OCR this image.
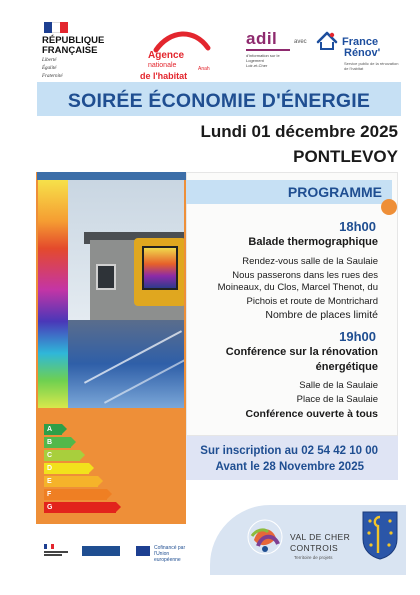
RÉPUBLIQUE
FRANÇAISE
Liberté
Égalité
Fraternité
Agence
nationale
de l'habitat
Anah
adil
d'information sur le
Logement
Loir-et-Cher
avec	France
Rénov'
Service public de la rénovation de l'habitat
SOIRÉE ÉCONOMIE D'ÉNERGIE
Lundi 01 décembre 2025
PONTLEVOY
A
B
C
D
E
F
G
PROGRAMME
18h00
Balade thermographique
Rendez-vous salle de la Saulaie
Nous passerons dans les rues des
Moineaux, du Clos, Marcel Thenot, du
Pichois et route de Montrichard
Nombre de places limité
19h00
Conférence sur la rénovation
énergétique
Salle de la Saulaie
Place de la Saulaie
Conférence ouverte à tous
Sur inscription au 02 54 42 10 00
Avant le 28 Novembre 2025
Cofinancé par l'Union européenne
VAL DE CHER
CONTROIS
Territoire de projets
